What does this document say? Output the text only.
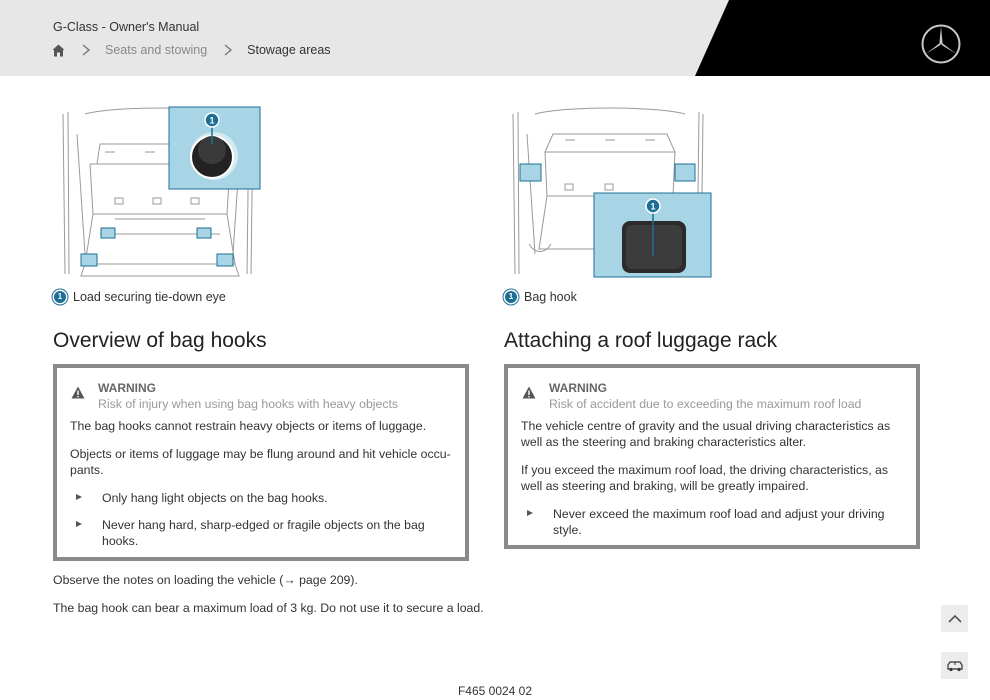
G-Class - Owner's Manual
Seats and stowing	Stowage areas
1
1
1 Load securing tie-down eye	1 Bag hook
Overview of bag hooks	Attaching a roof luggage rack
WARNING
Risk of injury when using bag hooks with heavy objects

The bag hooks cannot restrain heavy objects or items of luggage.

Objects or items of luggage may be flung around and hit vehicle occu-pants.

Only hang light objects on the bag hooks.
Never hang hard, sharp-edged or fragile objects on the bag hooks.
WARNING
Risk of accident due to exceeding the maximum roof load

The vehicle centre of gravity and the usual driving characteristics as well as the steering and braking characteristics alter.

If you exceed the maximum roof load, the driving characteristics, as well as steering and braking, will be greatly impaired.

Never exceed the maximum roof load and adjust your driving style.
Observe the notes on loading the vehicle (→ page 209).
The bag hook can bear a maximum load of 3 kg. Do not use it to secure a load.
F465 0024 02
